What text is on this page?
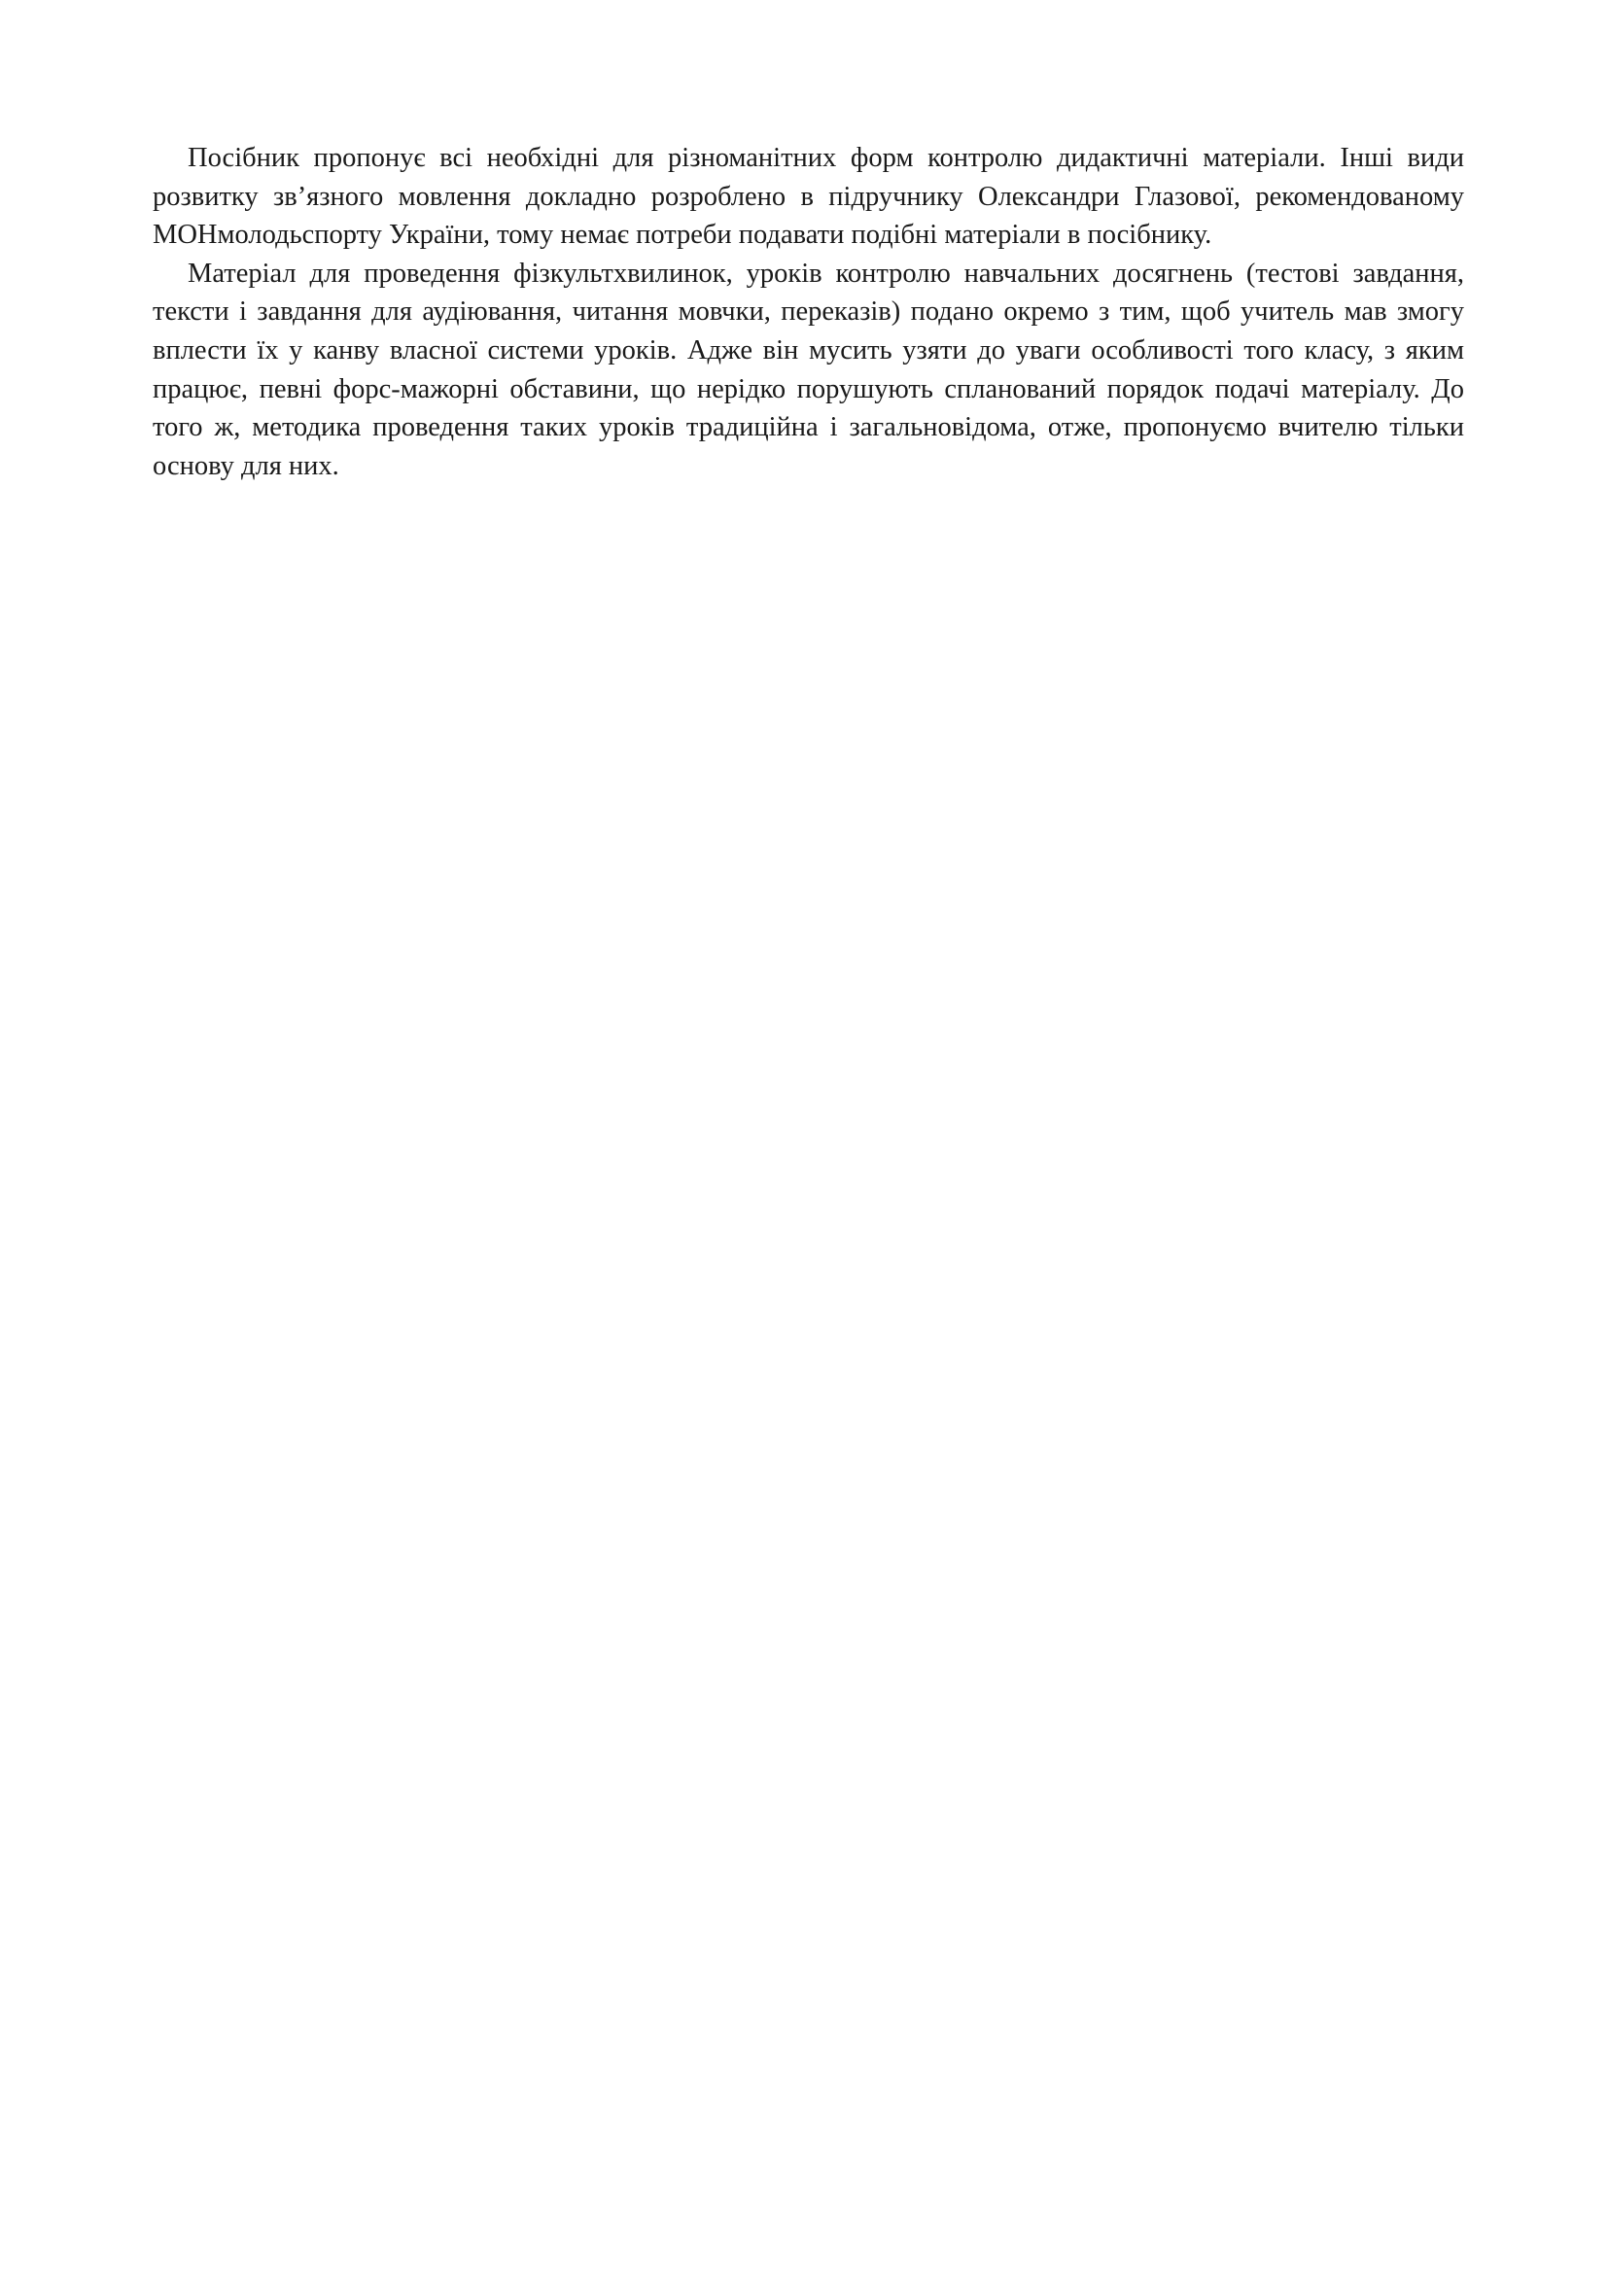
Посібник пропонує всі необхідні для різноманітних форм контролю дидактичні матеріали. Інші види розвитку зв’язного мовлення докладно розроблено в підручнику Олександри Глазової, рекомендованому МОНмолодьспорту України, тому немає потреби подавати подібні матеріали в посібнику.

Матеріал для проведення фізкультхвилинок, уроків контролю навчальних досягнень (тестові завдання, тексти і завдання для аудіювання, читання мовчки, переказів) подано окремо з тим, щоб учитель мав змогу вплести їх у канву власної системи уроків. Адже він мусить узяти до уваги особливості того класу, з яким працює, певні форс-мажорні обставини, що нерідко порушують спланований порядок подачі матеріалу. До того ж, методика проведення таких уроків традиційна і загальновідома, отже, пропонуємо вчителю тільки основу для них.
